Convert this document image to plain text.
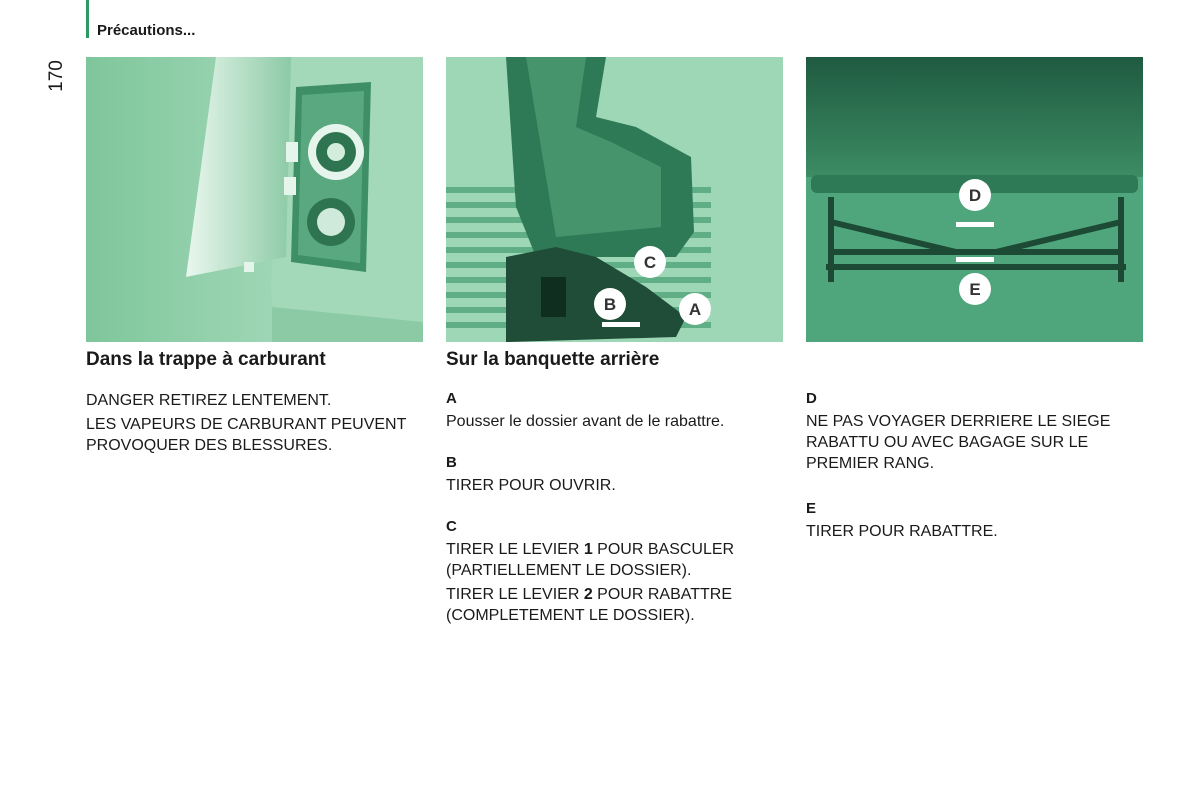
Précautions...
170
B
C
A
D
E
Dans la trappe à carburant
DANGER RETIREZ LENTEMENT.
LES VAPEURS DE CARBURANT PEUVENT PROVOQUER DES BLESSURES.
Sur la banquette arrière
A
Pousser le dossier avant de le rabattre.
B
TIRER POUR OUVRIR.
C
TIRER LE LEVIER 1 POUR BASCULER (PARTIELLEMENT LE DOSSIER).
TIRER LE LEVIER 2 POUR RABATTRE (COMPLETEMENT LE DOSSIER).
D
NE PAS VOYAGER DERRIERE LE SIEGE RABATTU OU AVEC BAGAGE SUR LE PREMIER RANG.
E
TIRER POUR RABATTRE.
